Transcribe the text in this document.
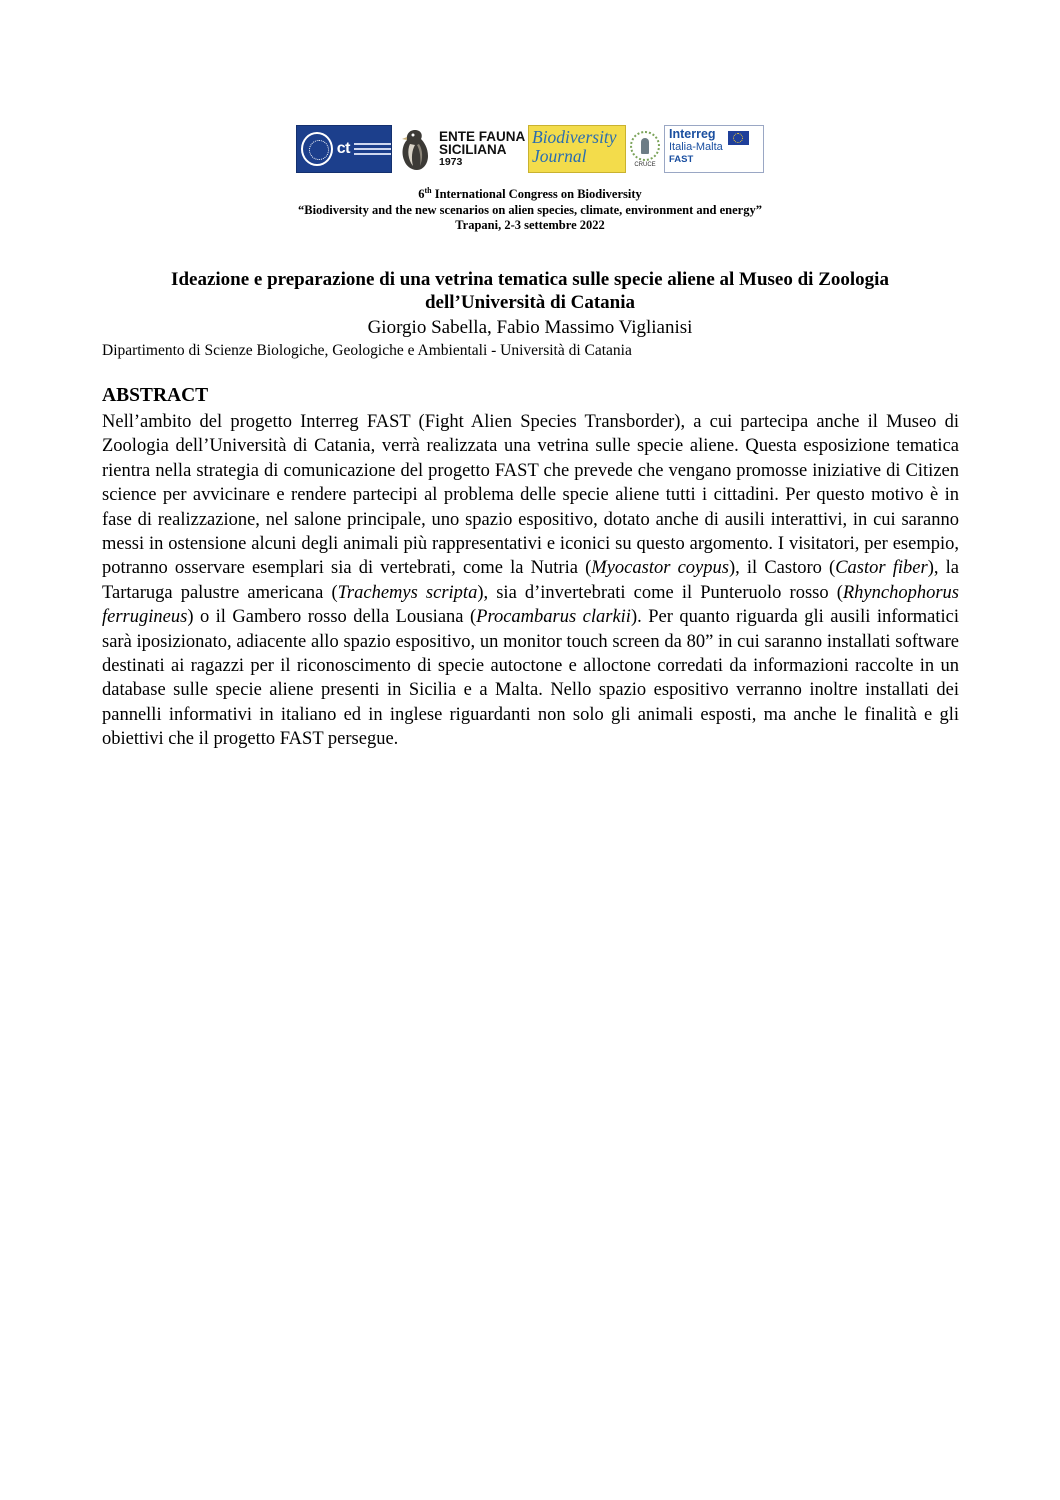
ct
ENTE FAUNA
SICILIANA
1973
Biodiversity
Journal	CRUCE
Interreg
Italia-Malta
FAST
6th International Congress on Biodiversity
“Biodiversity and the new scenarios on alien species, climate, environment and energy”
Trapani, 2-3 settembre 2022
Ideazione e preparazione di una vetrina tematica sulle specie aliene al Museo di Zoologia
dell’Università di Catania
Giorgio Sabella, Fabio Massimo Viglianisi
Dipartimento di Scienze Biologiche, Geologiche e Ambientali - Università di Catania
ABSTRACT

Nell’ambito del progetto Interreg FAST (Fight Alien Species Transborder), a cui partecipa anche il Museo di Zoologia dell’Università di Catania, verrà realizzata una vetrina sulle specie aliene. Questa esposizione tematica rientra nella strategia di comunicazione del progetto FAST che prevede che vengano promosse iniziative di Citizen science per avvicinare e rendere partecipi al problema delle specie aliene tutti i cittadini. Per questo motivo è in fase di realizzazione, nel salone principale, uno spazio espositivo, dotato anche di ausili interattivi, in cui saranno messi in ostensione alcuni degli animali più rappresentativi e iconici su questo argomento. I visitatori, per esempio, potranno osservare esemplari sia di vertebrati, come la Nutria (Myocastor coypus), il Castoro (Castor fiber), la Tartaruga palustre americana (Trachemys scripta), sia d’invertebrati come il Punteruolo rosso (Rhynchophorus ferrugineus) o il Gambero rosso della Lousiana (Procambarus clarkii). Per quanto riguarda gli ausili informatici sarà iposizionato, adiacente allo spazio espositivo, un monitor touch screen da 80” in cui saranno installati software destinati ai ragazzi per il riconoscimento di specie autoctone e alloctone corredati da informazioni raccolte in un database sulle specie aliene presenti in Sicilia e a Malta. Nello spazio espositivo verranno inoltre installati dei pannelli informativi in italiano ed in inglese riguardanti non solo gli animali esposti, ma anche le finalità e gli obiettivi che il progetto FAST persegue.
